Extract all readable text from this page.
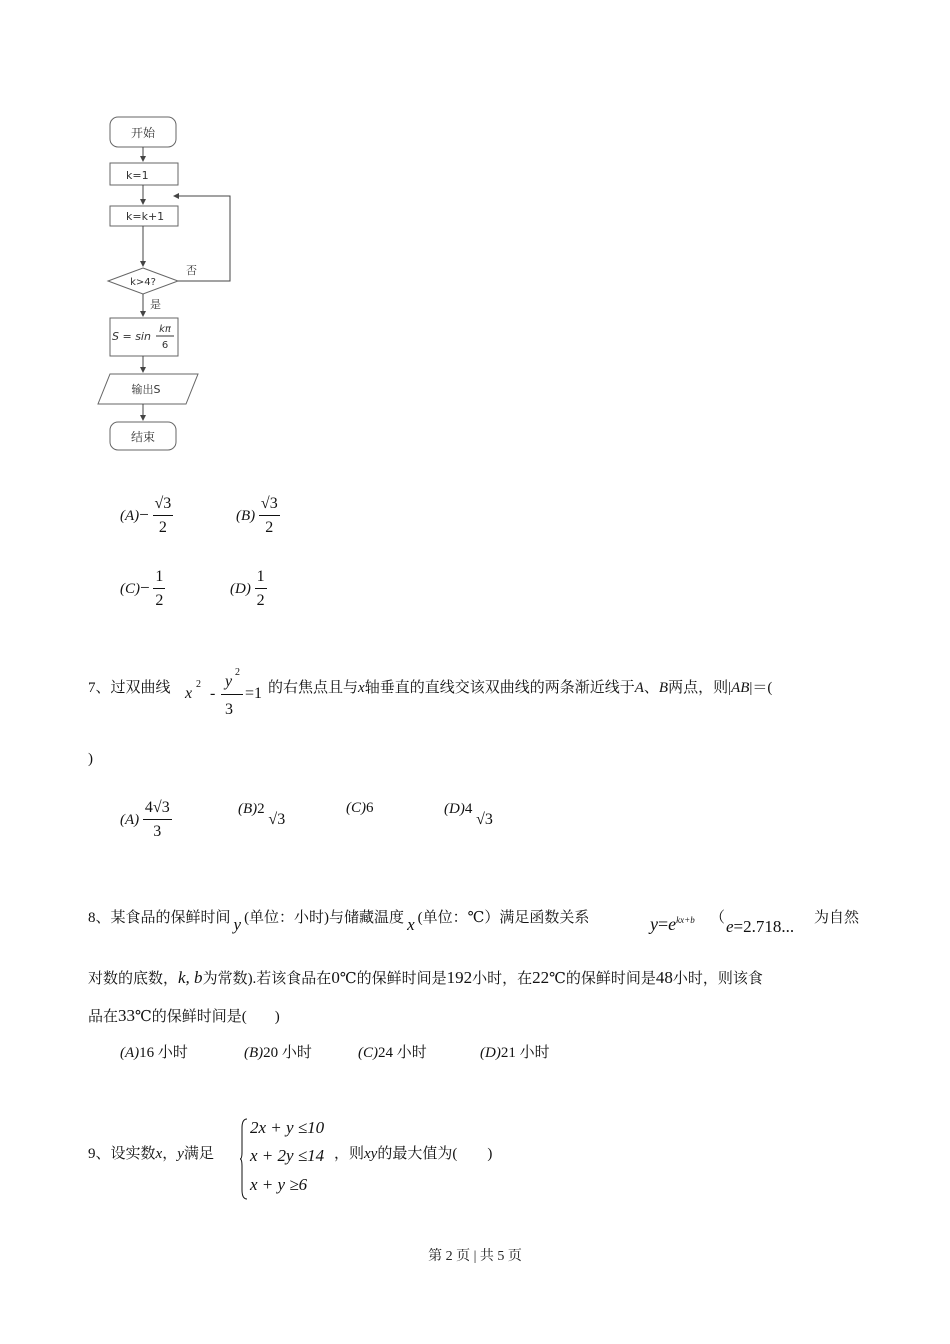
开始
k=1
k=k+1
k>4?
否
是
S = sin
kπ
6
输出S
结束
$(A)- \frac{√3}{2}$	$(B) \frac{√3}{2}$
$(C)- \frac{1}{2}$	$(D) \frac{1}{2}$
7、过双曲线 x
2
-
y
2
3
=1 的右焦点且与x轴垂直的直线交该双曲线的两条渐近线于A、B两点，则|AB|＝(
)
$(A) \frac{4√3}{3}$	(B)2 √3
(C)6	(D)4 √3
8、某食品的保鲜时间 y (单位：小时)与储藏温度 x (单位：℃）满足函数关系	$y=e^{kx+b}$ （ e=2.718... 为自然
对数的底数，k, b为常数).若该食品在0℃的保鲜时间是192小时，在22℃的保鲜时间是48小时，则该食
品在33℃的保鲜时间是( )
(A)16 小时	(B)20 小时	(C)24 小时	(D)21 小时
9、设实数x，y满足
2x + y ≤10
x + 2y ≤14
x + y ≥6
，则xy的最大值为(　　)
第 2 页 | 共 5 页
